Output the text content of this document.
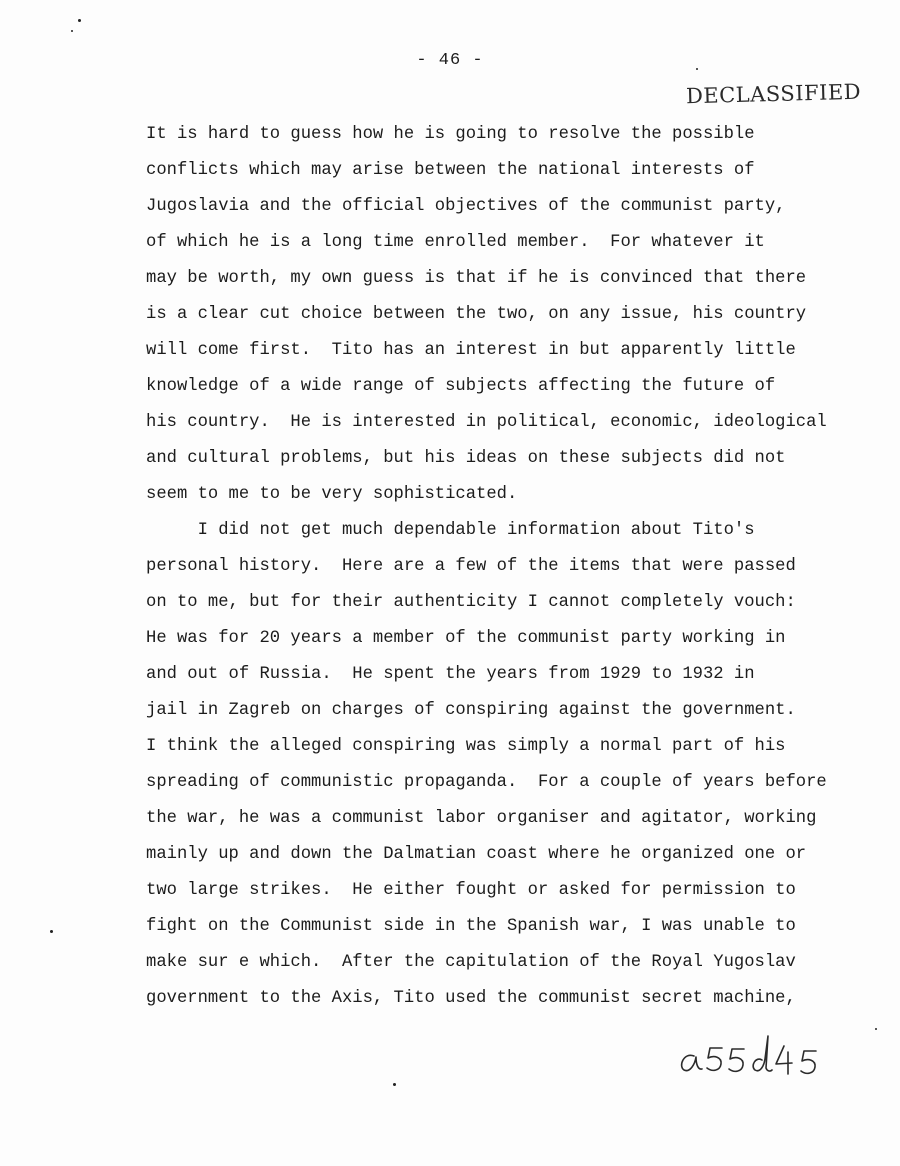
- 46 -
DECLASSIFIED
It is hard to guess how he is going to resolve the possible
conflicts which may arise between the national interests of
Jugoslavia and the official objectives of the communist party,
of which he is a long time enrolled member.  For whatever it
may be worth, my own guess is that if he is convinced that there
is a clear cut choice between the two, on any issue, his country
will come first.  Tito has an interest in but apparently little
knowledge of a wide range of subjects affecting the future of
his country.  He is interested in political, economic, ideological
and cultural problems, but his ideas on these subjects did not
seem to me to be very sophisticated.
I did not get much dependable information about Tito's
personal history.  Here are a few of the items that were passed
on to me, but for their authenticity I cannot completely vouch:
He was for 20 years a member of the communist party working in
and out of Russia.  He spent the years from 1929 to 1932 in
jail in Zagreb on charges of conspiring against the government.
I think the alleged conspiring was simply a normal part of his
spreading of communistic propaganda.  For a couple of years before
the war, he was a communist labor organiser and agitator, working
mainly up and down the Dalmatian coast where he organized one or
two large strikes.  He either fought or asked for permission to
fight on the Communist side in the Spanish war, I was unable to
make sur e which.  After the capitulation of the Royal Yugoslav
government to the Axis, Tito used the communist secret machine,
